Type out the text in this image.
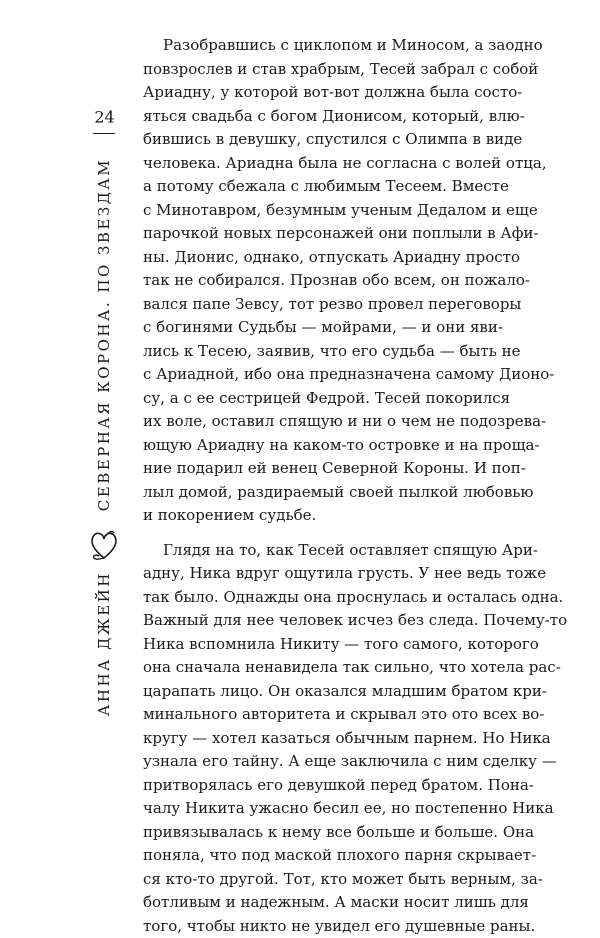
АННА ДЖЕЙН
СЕВЕРНАЯ КОРОНА. ПО ЗВЕЗДАМ
24
Разобравшись с циклопом и Миносом, а заодно
повзрослев и став храбрым, Тесей забрал с собой
Ариадну, у которой вот-вот должна была состо-
яться свадьба с богом Дионисом, который, влю-
бившись в девушку, спустился с Олимпа в виде
человека. Ариадна была не согласна с волей отца,
а потому сбежала с любимым Тесеем. Вместе
с Минотавром, безумным ученым Дедалом и еще
парочкой новых персонажей они поплыли в Афи-
ны. Дионис, однако, отпускать Ариадну просто
так не собирался. Прознав обо всем, он пожало-
вался папе Зевсу, тот резво провел переговоры
с богинями Судьбы — мойрами, — и они яви-
лись к Тесею, заявив, что его судьба — быть не
с Ариадной, ибо она предназначена самому Дионо-
су, а с ее сестрицей Федрой. Тесей покорился
их воле, оставил спящую и ни о чем не подозрева-
ющую Ариадну на каком-то островке и на проща-
ние подарил ей венец Северной Короны. И поп-
лыл домой, раздираемый своей пылкой любовью
и покорением судьбе.
Глядя на то, как Тесей оставляет спящую Ари-
адну, Ника вдруг ощутила грусть. У нее ведь тоже
так было. Однажды она проснулась и осталась одна.
Важный для нее человек исчез без следа. Почему-то
Ника вспомнила Никиту — того самого, которого
она сначала ненавидела так сильно, что хотела рас-
царапать лицо. Он оказался младшим братом кри-
минального авторитета и скрывал это ото всех во-
кругу — хотел казаться обычным парнем. Но Ника
узнала его тайну. А еще заключила с ним сделку —
притворялась его девушкой перед братом. Пона-
чалу Никита ужасно бесил ее, но постепенно Ника
привязывалась к нему все больше и больше. Она
поняла, что под маской плохого парня скрывает-
ся кто-то другой. Тот, кто может быть верным, за-
ботливым и надежным. А маски носит лишь для
того, чтобы никто не увидел его душевные раны.
